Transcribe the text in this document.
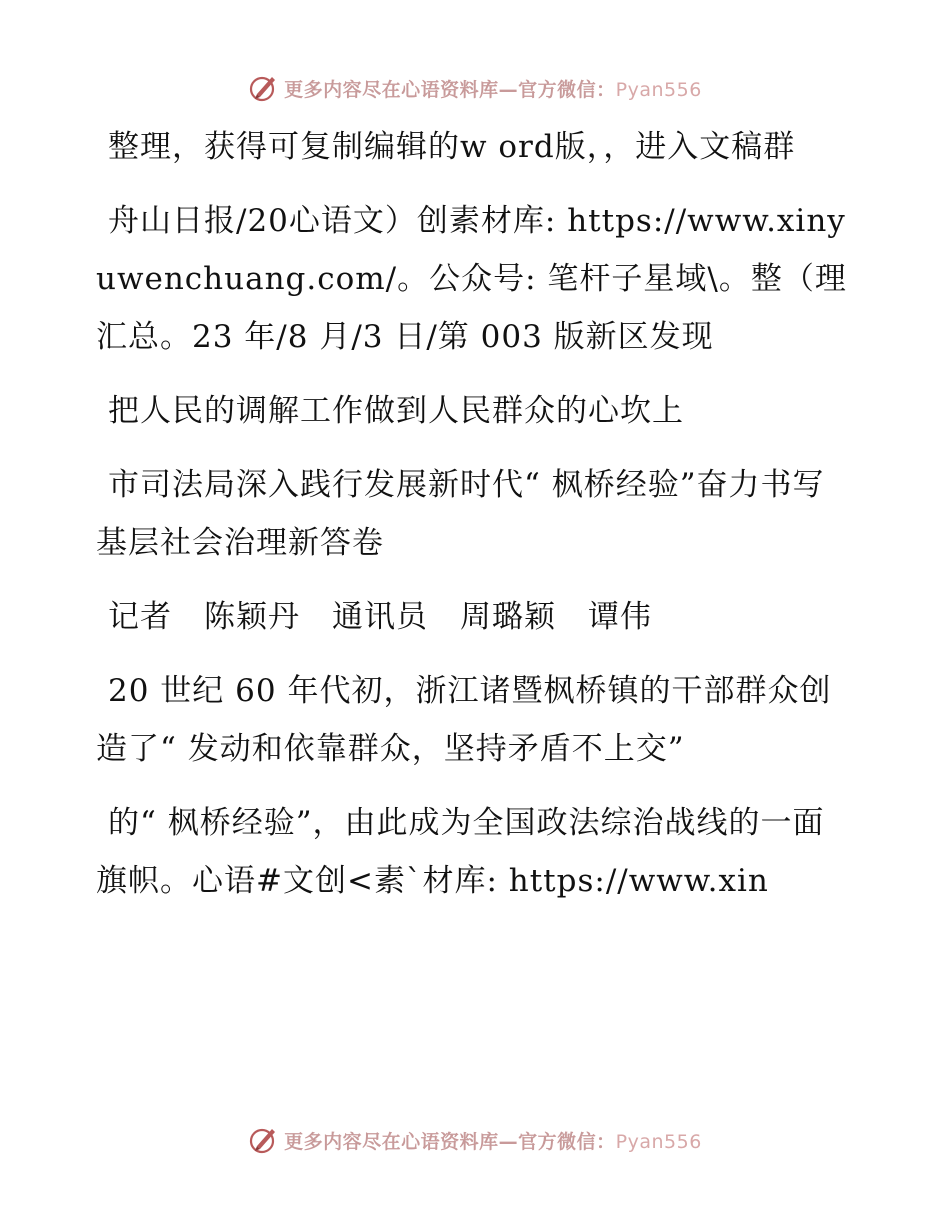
更多内容尽在心语资料库—官方微信：Pyan556

整理，获得可复制编辑的w ord版，，进入文稿群

舟山日报/20心语文）创素材库: https://www.xinyuwenchuang.com/。公众号: 笔杆子星域\。整（理汇总。23 年/8 月/3 日/第 003 版新区发现

把人民的调解工作做到人民群众的心坎上

市司法局深入践行发展新时代“ 枫桥经验”奋力书写基层社会治理新答卷

记者　陈颖丹　通讯员　周璐颖　谭伟

20 世纪 60 年代初，浙江诸暨枫桥镇的干部群众创造了“ 发动和依靠群众，坚持矛盾不上交”

的“ 枫桥经验”，由此成为全国政法综治战线的一面旗帜。心语#文创<素`材库: https://www.xin

更多内容尽在心语资料库—官方微信：Pyan556
